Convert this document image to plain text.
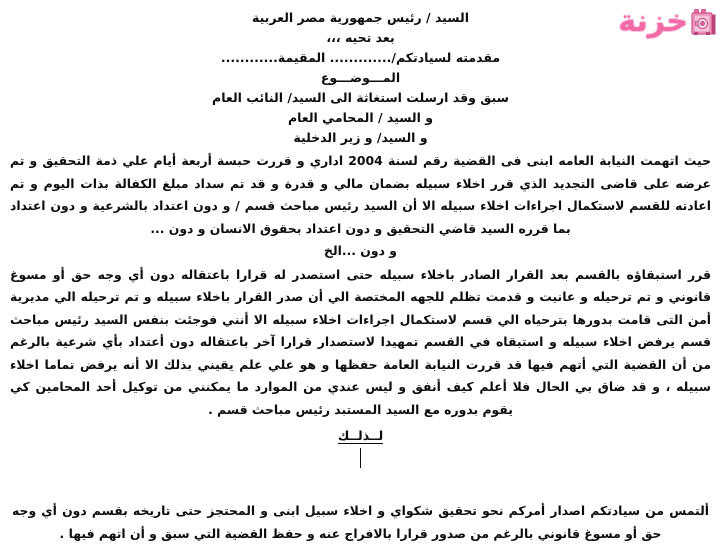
خزنة
السيد / رئيس جمهورية مصر العربية
بعد تحيه ،،،
مقدمته لسيادتكم/............. المقيمة............
المـــوضـــوع
سبق وقد ارسلت استغاثة الى السيد/ النائب العام
و السيد / المحامي العام
و السيد/ و زير الدخلية
حيث اتهمت النيابة العامه ابنى فى القضية رقم لسنة 2004 اداري و قررت حبسة أربعة أيام علي ذمة التحقيق و تم عرضه على قاضى التجديد الذي قرر اخلاء سبيله بضمان مالي و قدرة و قد تم سداد مبلغ الكفالة بذات اليوم و تم اعادته للقسم لاستكمال اجراءات اخلاء سبيله الا أن السيد رئيس مباحث قسم / و دون اعتداد بالشرعية و دون اعتداد بما قرره السيد قاضي التحقيق و دون اعتداد بحقوق الانسان و دون ...
و دون ...الخ
قرر استبقاؤه بالقسم بعد القرار الصادر باخلاء سبيله حتى استصدر له قرارا باعتقاله دون أي وجه حق أو مسوغ قانوني و تم ترحيله و عانيت و قدمت تظلم للجهه المختصة الي أن صدر القرار باخلاء سبيله و تم ترحيله الي مديرية أمن التى قامت بدورها بترحياه الي قسم لاستكمال اجراءات اخلاء سبيله الا أنني فوجئت بنفس السيد رئيس مباحث قسم يرفض اخلاء سبيله و استبقاه في القسم تمهيدا لاستصدار قرارا آخر باعتقاله دون أعتداد بأي شرعية بالرغم من أن القضية التي أتهم فيها قد قررت النيابة العامة حفظها و هو علي علم يقيني بذلك الا أنه يرفض تماما اخلاء سبيله ، و قد ضاق بي الحال فلا أعلم كيف أنفق و ليس عندي من الموارد ما يمكنني من توكيل أحد المحامين كي يقوم بدوره مع السيد المستبد رئيس مباحث قسم .
لــذلــك
ألتمس من سيادتكم اصدار أمركم نحو تحقيق شكواي و اخلاء سبيل ابنى و المحتجز حتى تاريخه بقسم دون أي وجه حق أو مسوغ قانوني بالرغم من صدور قرارا بالافراج عنه و حفظ القضية التي سبق و أن اتهم فيها .
